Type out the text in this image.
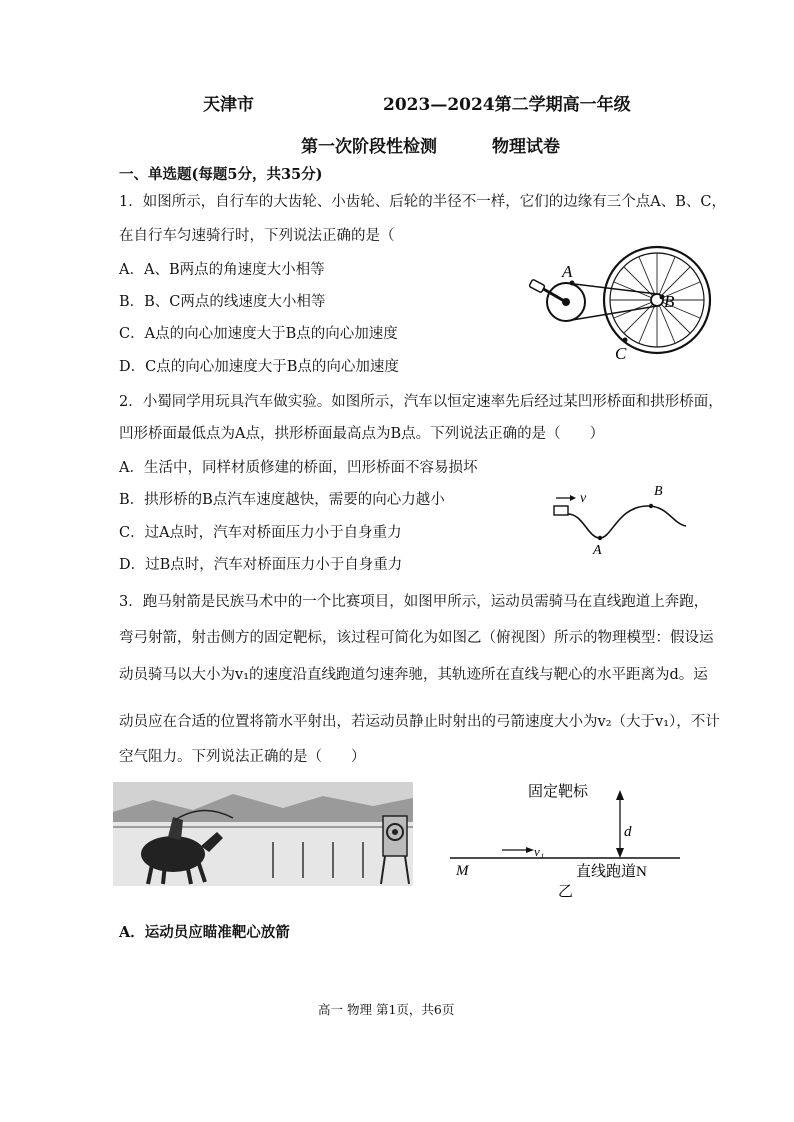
天津市	2023—2024第二学期高一年级
第一次阶段性检测	物理试卷
一、单选题(每题5分，共35分)
1．如图所示，自行车的大齿轮、小齿轮、后轮的半径不一样，它们的边缘有三个点A、B、C，
在自行车匀速骑行时，下列说法正确的是（
A．A、B两点的角速度大小相等
B．B、C两点的线速度大小相等
C．A点的向心加速度大于B点的向心加速度
D．C点的向心加速度大于B点的向心加速度
A
B
C
2．小蜀同学用玩具汽车做实验。如图所示，汽车以恒定速率先后经过某凹形桥面和拱形桥面，
凹形桥面最低点为A点，拱形桥面最高点为B点。下列说法正确的是（　　）
A．生活中，同样材质修建的桥面，凹形桥面不容易损坏
B．拱形桥的B点汽车速度越快，需要的向心力越小
C．过A点时，汽车对桥面压力小于自身重力
D．过B点时，汽车对桥面压力小于自身重力
v
A
B
3．跑马射箭是民族马术中的一个比赛项目，如图甲所示，运动员需骑马在直线跑道上奔跑，
弯弓射箭，射击侧方的固定靶标，该过程可简化为如图乙（俯视图）所示的物理模型：假设运
动员骑马以大小为v₁的速度沿直线跑道匀速奔驰，其轨迹所在直线与靶心的水平距离为d。运
动员应在合适的位置将箭水平射出，若运动员静止时射出的弓箭速度大小为v₂（大于v₁），不计
空气阻力。下列说法正确的是（　　）
固定靶标
d
v₁
M	直线跑道N
乙
A．运动员应瞄准靶心放箭
高一 物理 第1页，共6页
